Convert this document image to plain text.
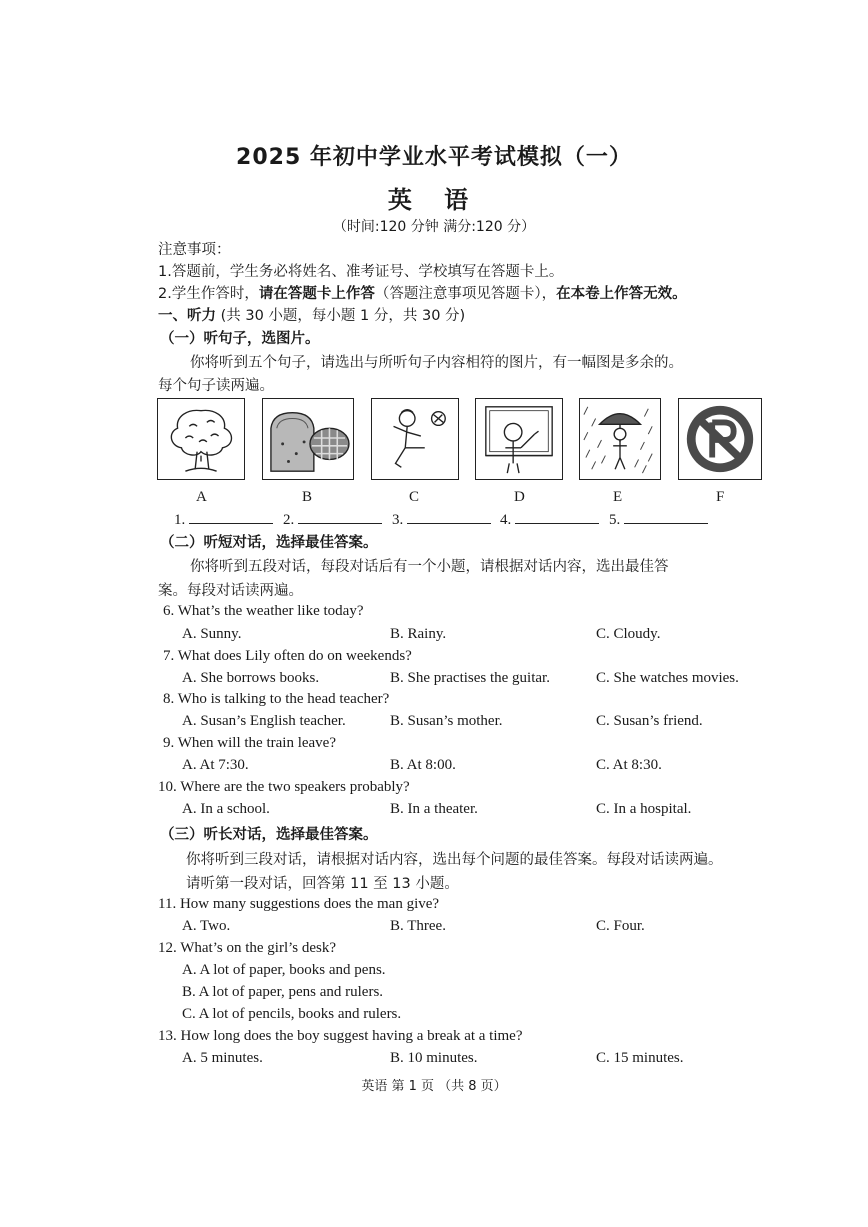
2025 年初中学业水平考试模拟（一）
英 语
（时间:120 分钟 满分:120 分）
注意事项：
1.答题前，学生务必将姓名、准考证号、学校填写在答题卡上。
2.学生作答时，请在答题卡上作答（答题注意事项见答题卡），在本卷上作答无效。
一、听力 (共 30 小题，每小题 1 分，共 30 分)
（一）听句子，选图片。
你将听到五个句子，请选出与所听句子内容相符的图片，有一幅图是多余的。
每个句子读两遍。
A	B	C	D	E	F
1.	2.	3.	4.	5.
（二）听短对话，选择最佳答案。
你将听到五段对话，每段对话后有一个小题，请根据对话内容，选出最佳答
案。每段对话读两遍。
6. What’s the weather like today?
A. Sunny.	B. Rainy.	C. Cloudy.
7. What does Lily often do on weekends?
A. She borrows books.	B. She practises the guitar.	C. She watches movies.
8. Who is talking to the head teacher?
A. Susan’s English teacher.	B. Susan’s mother.	C. Susan’s friend.
9. When will the train leave?
A. At 7:30.	B. At 8:00.	C. At 8:30.
10. Where are the two speakers probably?
A. In a school.	B. In a theater.	C. In a hospital.
（三）听长对话，选择最佳答案。
你将听到三段对话，请根据对话内容，选出每个问题的最佳答案。每段对话读两遍。
请听第一段对话，回答第 11 至 13 小题。
11. How many suggestions does the man give?
A. Two.	B. Three.	C. Four.
12. What’s on the girl’s desk?
A. A lot of paper, books and pens.
B. A lot of paper, pens and rulers.
C. A lot of pencils, books and rulers.
13. How long does the boy suggest having a break at a time?
A. 5 minutes.	B. 10 minutes.	C. 15 minutes.
英语 第 1 页 （共 8 页）
